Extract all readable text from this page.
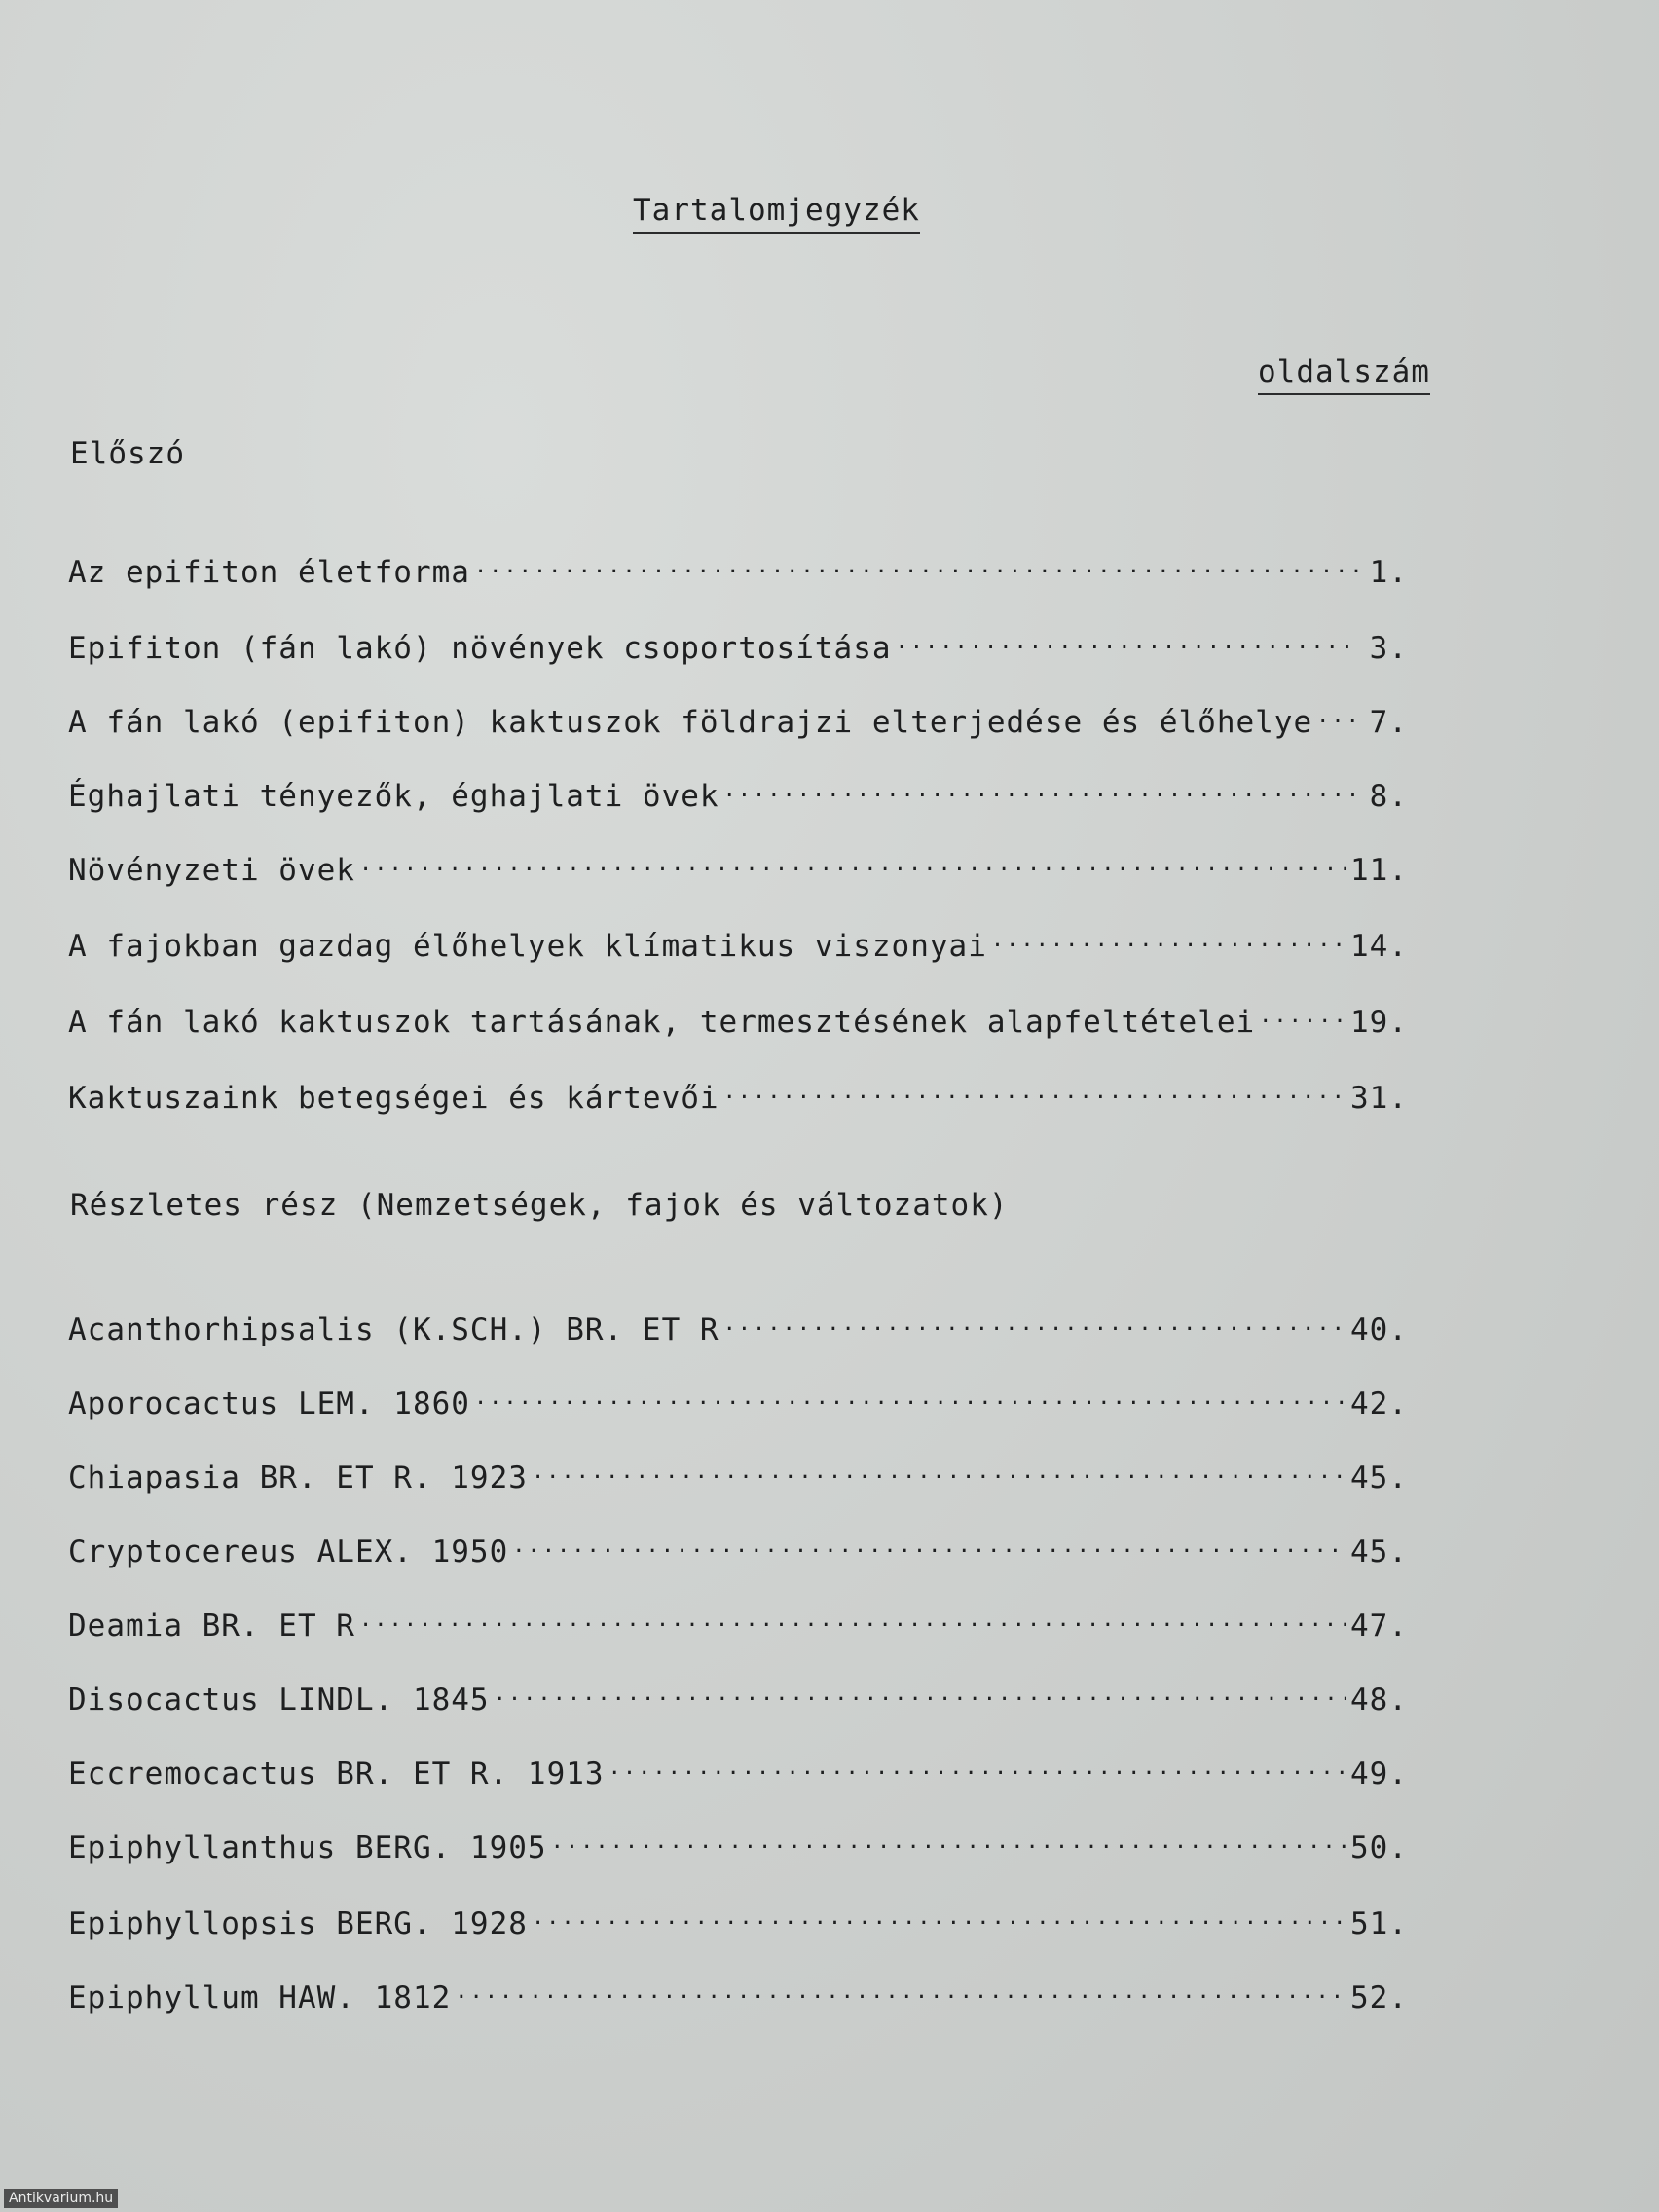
Tartalomjegyzék
oldalszám
Előszó
Az epifiton életforma .....	1.
Epifiton (fán lakó) növények csoportosítása .....	3.
A fán lakó (epifiton) kaktuszok földrajzi elterjedése és élőhelye ..... 7.
Éghajlati tényezők, éghajlati övek .....	8.
Növényzeti övek .....	11.
A fajokban gazdag élőhelyek klímatikus viszonyai .....	14.
A fán lakó kaktuszok tartásának, termesztésének alapfeltételei .....	19.
Kaktuszaink betegségei és kártevői .....	31.
Részletes rész (Nemzetségek, fajok és változatok)
Acanthorhipsalis (K.SCH.) BR. ET R .....	40.
Aporocactus LEM. 1860 .....	42.
Chiapasia BR. ET R. 1923 .....	45.
Cryptocereus ALEX. 1950 .....	45.
Deamia BR. ET R .....	47.
Disocactus LINDL. 1845 .....	48.
Eccremocactus BR. ET R. 1913 .....	49.
Epiphyllanthus BERG. 1905 .....	50.
Epiphyllopsis BERG. 1928 .....	51.
Epiphyllum HAW. 1812 .....	52.
Antikvarium.hu
